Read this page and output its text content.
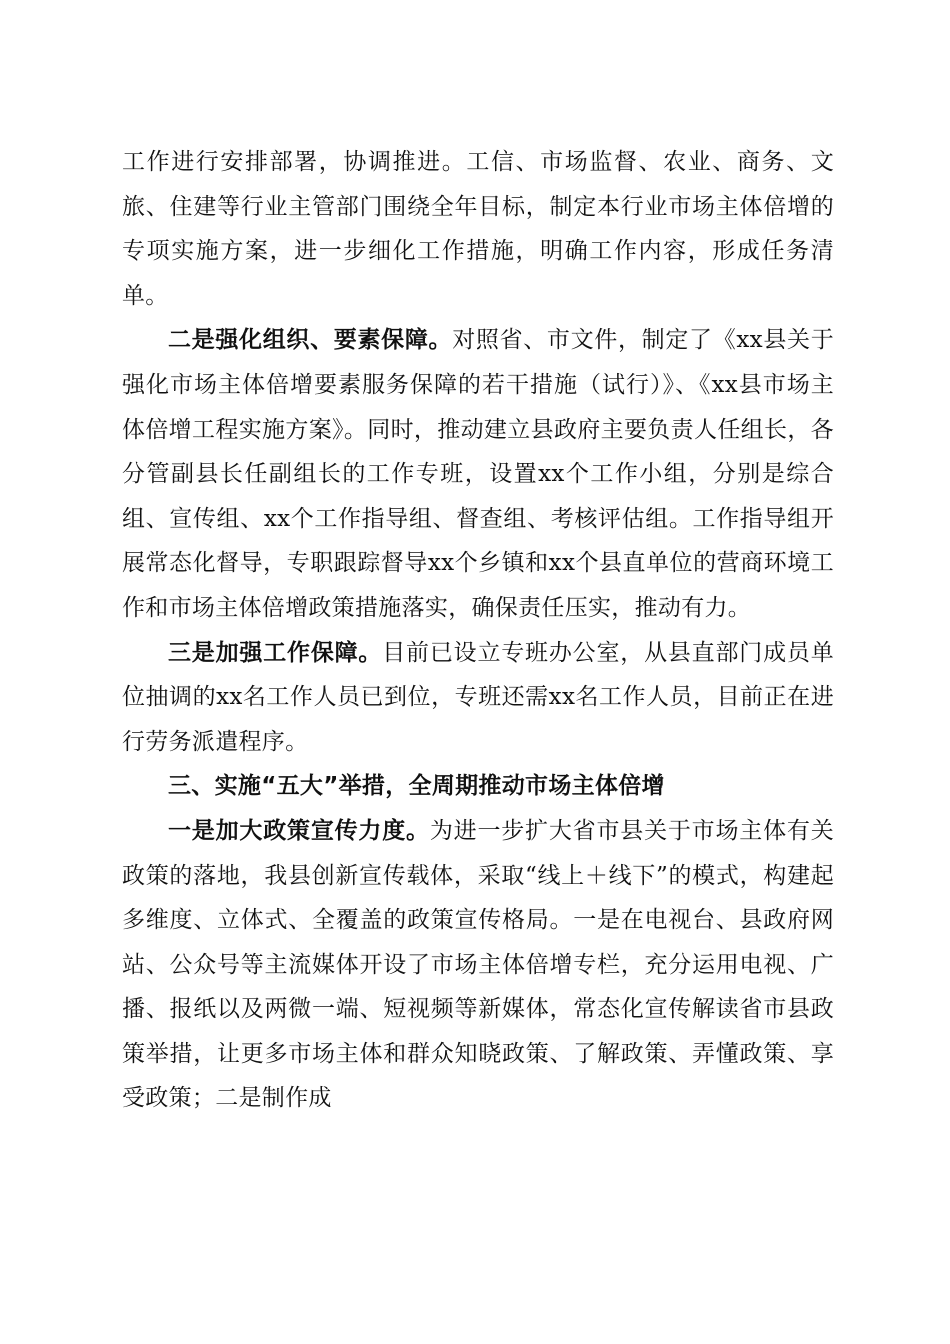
工作进行安排部署，协调推进。工信、市场监督、农业、商务、文旅、住建等行业主管部门围绕全年目标，制定本行业市场主体倍增的专项实施方案，进一步细化工作措施，明确工作内容，形成任务清单。

二是强化组织、要素保障。对照省、市文件，制定了《xx县关于强化市场主体倍增要素服务保障的若干措施（试行）》、《xx县市场主体倍增工程实施方案》。同时，推动建立县政府主要负责人任组长，各分管副县长任副组长的工作专班，设置xx个工作小组，分别是综合组、宣传组、xx个工作指导组、督查组、考核评估组。工作指导组开展常态化督导，专职跟踪督导xx个乡镇和xx个县直单位的营商环境工作和市场主体倍增政策措施落实，确保责任压实，推动有力。

三是加强工作保障。目前已设立专班办公室，从县直部门成员单位抽调的xx名工作人员已到位，专班还需xx名工作人员，目前正在进行劳务派遣程序。

三、实施“五大”举措，全周期推动市场主体倍增

一是加大政策宣传力度。为进一步扩大省市县关于市场主体有关政策的落地，我县创新宣传载体，采取“线上＋线下”的模式，构建起多维度、立体式、全覆盖的政策宣传格局。一是在电视台、县政府网站、公众号等主流媒体开设了市场主体倍增专栏，充分运用电视、广播、报纸以及两微一端、短视频等新媒体，常态化宣传解读省市县政策举措，让更多市场主体和群众知晓政策、了解政策、弄懂政策、享受政策；二是制作成
